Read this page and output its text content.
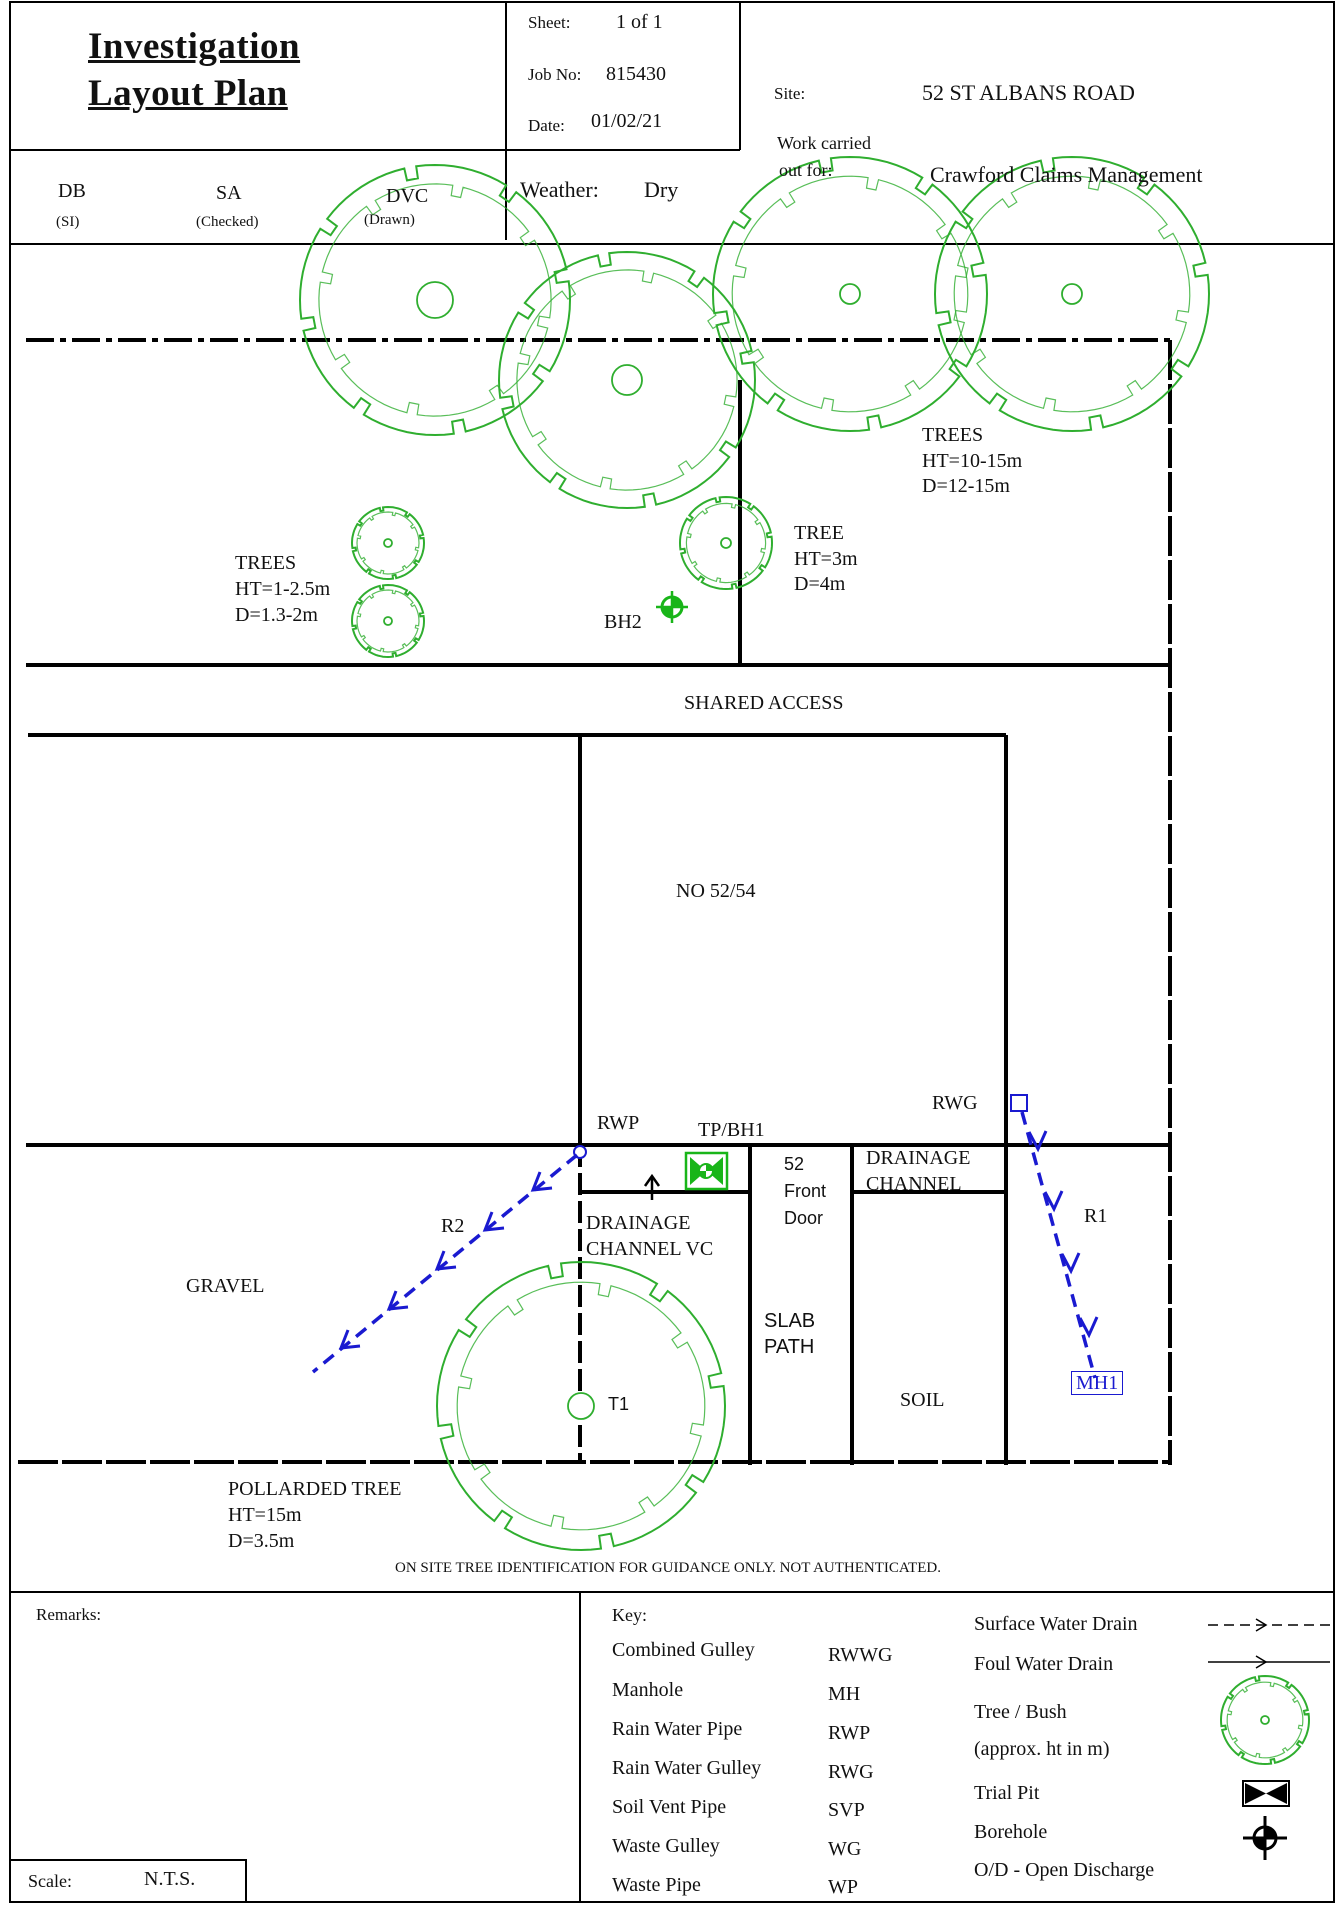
Investigation
Layout Plan
Sheet: 1 of 1
Job No: 815430
Date: 01/02/21
Site:	52 ST ALBANS ROAD
Work carried
out for:	Crawford Claims Management
Weather: Dry
DB
(SI)
SA
(Checked)
DVC
(Drawn)
TREES
HT=10-15m
D=12-15m
TREE
HT=3m
D=4m
TREES
HT=1-2.5m
D=1.3-2m	BH2
SHARED ACCESS
NO 52/54
RWP	TP/BH1
RWG
52
Front
Door
DRAINAGE
CHANNEL
DRAINAGE
CHANNEL VC
R1
R2
GRAVEL
SLAB
PATH
SOIL
MH1
T1
POLLARDED TREE
HT=15m
D=3.5m
ON SITE TREE IDENTIFICATION FOR GUIDANCE ONLY. NOT AUTHENTICATED.
Remarks:
Scale:	N.T.S.
Key:
Combined Gulley	RWWG
Manhole	MH
Rain Water Pipe	RWP
Rain Water Gulley	RWG
Soil Vent Pipe	SVP
Waste Gulley	WG
Waste Pipe	WP
Surface Water Drain
Foul Water Drain
Tree / Bush
(approx. ht in m)
Trial Pit
Borehole
O/D - Open Discharge
